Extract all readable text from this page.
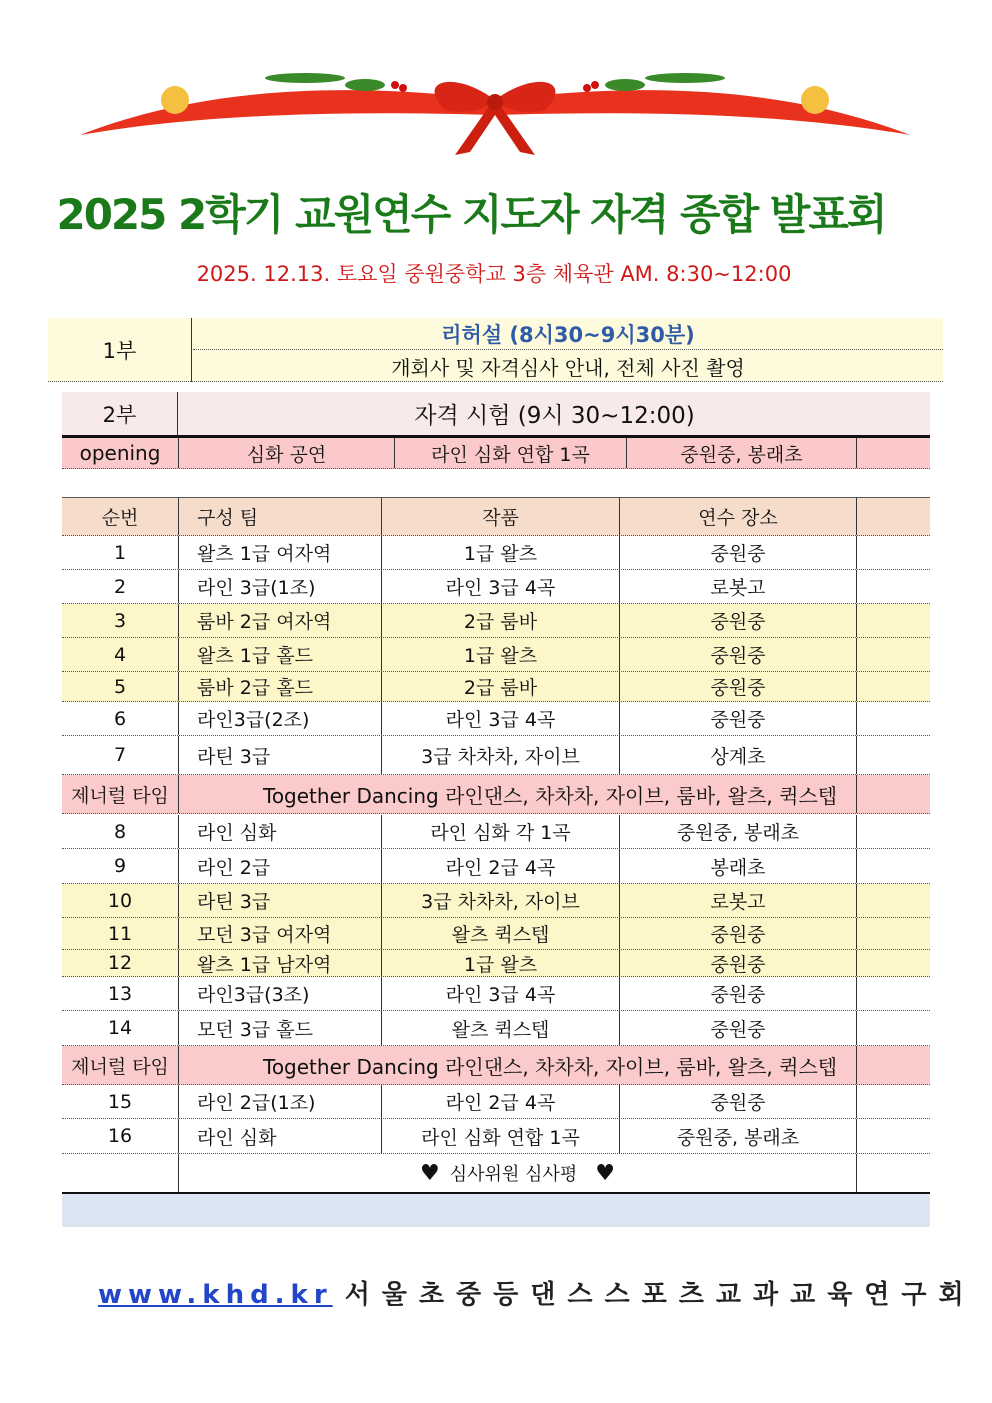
2025 2학기 교원연수 지도자 자격 종합 발표회
2025. 12.13. 토요일 중원중학교 3층 체육관 AM. 8:30~12:00
1부
리허설 (8시30~9시30분)
개회사 및 자격심사 안내, 전체 사진 촬영
2부	자격 시험 (9시 30~12:00)
opening	심화 공연	라인 심화 연합 1곡	중원중, 봉래초
순번	구성 팀	작품	연수 장소
1	왈츠 1급 여자역	1급 왈츠	중원중
2	라인 3급(1조)	라인 3급 4곡	로봇고
3	룸바 2급 여자역	2급 룸바	중원중
4	왈츠 1급 홀드	1급 왈츠	중원중
5	룸바 2급 홀드	2급 룸바	중원중
6	라인3급(2조)	라인 3급 4곡	중원중
7	라틴 3급	3급 차차차, 자이브	상계초
제너럴 타임	Together Dancing 라인댄스, 차차차, 자이브, 룸바, 왈츠, 퀵스텝
8	라인 심화	라인 심화 각 1곡	중원중, 봉래초
9	라인 2급	라인 2급 4곡	봉래초
10	라틴 3급	3급 차차차, 자이브	로봇고
11	모던 3급 여자역	왈츠 퀵스텝	중원중
12	왈츠 1급 남자역	1급 왈츠	중원중
13	라인3급(3조)	라인 3급 4곡	중원중
14	모던 3급 홀드	왈츠 퀵스텝	중원중
제너럴 타임	Together Dancing 라인댄스, 차차차, 자이브, 룸바, 왈츠, 퀵스텝
15	라인 2급(1조)	라인 2급 4곡	중원중
16	라인 심화	라인 심화 연합 1곡	중원중, 봉래초
♥ 심사위원 심사평 ♥
www.khd.kr 서울초중등댄스스포츠교과교육연구회
